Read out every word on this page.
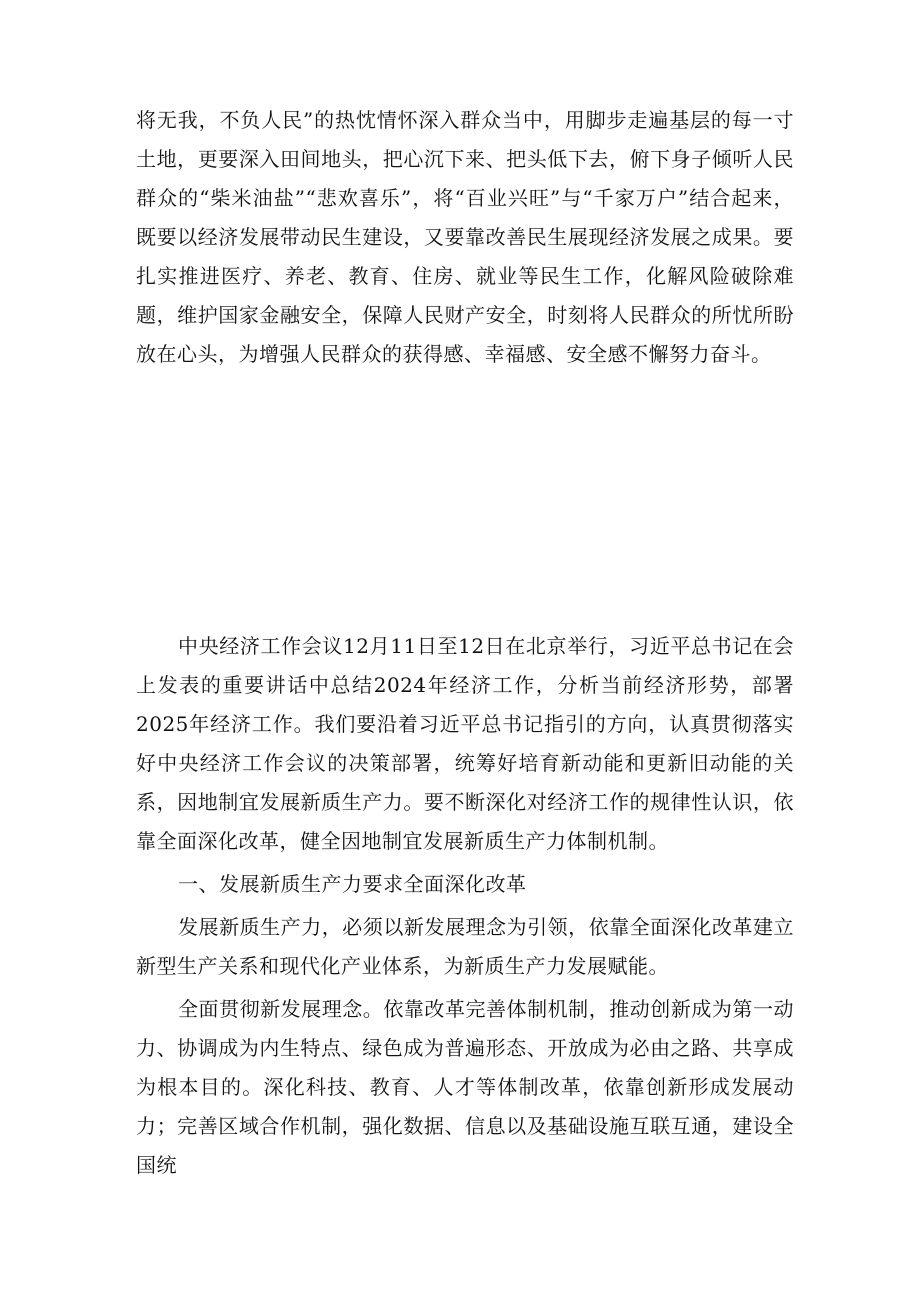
将无我，不负人民”的热忱情怀深入群众当中，用脚步走遍基层的每一寸土地，更要深入田间地头，把心沉下来、把头低下去，俯下身子倾听人民群众的“柴米油盐”“悲欢喜乐”，将“百业兴旺”与“千家万户”结合起来，既要以经济发展带动民生建设，又要靠改善民生展现经济发展之成果。要扎实推进医疗、养老、教育、住房、就业等民生工作，化解风险破除难题，维护国家金融安全，保障人民财产安全，时刻将人民群众的所忧所盼放在心头，为增强人民群众的获得感、幸福感、安全感不懈努力奋斗。

中央经济工作会议12月11日至12日在北京举行，习近平总书记在会上发表的重要讲话中总结2024年经济工作，分析当前经济形势，部署2025年经济工作。我们要沿着习近平总书记指引的方向，认真贯彻落实好中央经济工作会议的决策部署，统筹好培育新动能和更新旧动能的关系，因地制宜发展新质生产力。要不断深化对经济工作的规律性认识，依靠全面深化改革，健全因地制宜发展新质生产力体制机制。

一、发展新质生产力要求全面深化改革

发展新质生产力，必须以新发展理念为引领，依靠全面深化改革建立新型生产关系和现代化产业体系，为新质生产力发展赋能。

全面贯彻新发展理念。依靠改革完善体制机制，推动创新成为第一动力、协调成为内生特点、绿色成为普遍形态、开放成为必由之路、共享成为根本目的。深化科技、教育、人才等体制改革，依靠创新形成发展动力；完善区域合作机制，强化数据、信息以及基础设施互联互通，建设全国统
